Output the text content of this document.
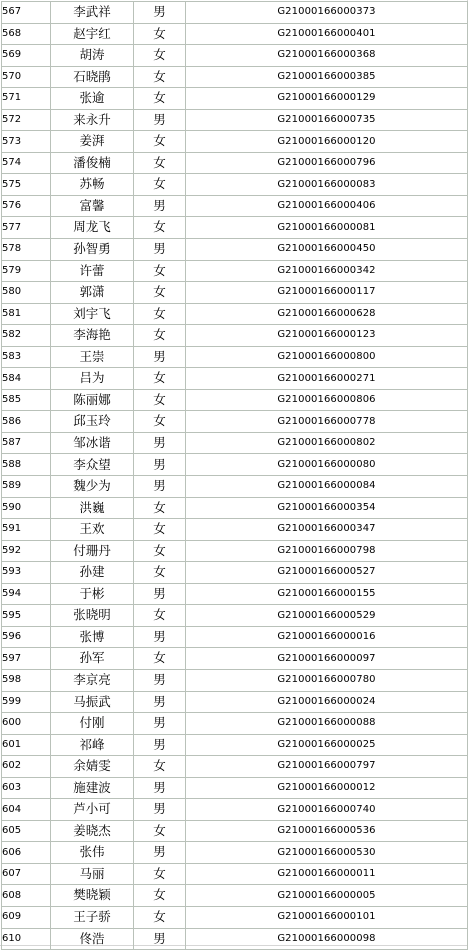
567	李武祥	男	G21000166000373
568	赵宇红	女	G21000166000401
569	胡涛	女	G21000166000368
570	石晓鹃	女	G21000166000385
571	张逾	女	G21000166000129
572	来永升	男	G21000166000735
573	姜湃	女	G21000166000120
574	潘俊楠	女	G21000166000796
575	苏畅	女	G21000166000083
576	富馨	男	G21000166000406
577	周龙飞	女	G21000166000081
578	孙智勇	男	G21000166000450
579	许蕾	女	G21000166000342
580	郭潇	女	G21000166000117
581	刘宇飞	女	G21000166000628
582	李海艳	女	G21000166000123
583	王崇	男	G21000166000800
584	吕为	女	G21000166000271
585	陈丽娜	女	G21000166000806
586	邱玉玲	女	G21000166000778
587	邹冰谐	男	G21000166000802
588	李众望	男	G21000166000080
589	魏少为	男	G21000166000084
590	洪巍	女	G21000166000354
591	王欢	女	G21000166000347
592	付珊丹	女	G21000166000798
593	孙建	女	G21000166000527
594	于彬	男	G21000166000155
595	张晓明	女	G21000166000529
596	张博	男	G21000166000016
597	孙军	女	G21000166000097
598	李京亮	男	G21000166000780
599	马振武	男	G21000166000024
600	付刚	男	G21000166000088
601	祁峰	男	G21000166000025
602	余婧雯	女	G21000166000797
603	施建波	男	G21000166000012
604	芦小可	男	G21000166000740
605	姜晓杰	女	G21000166000536
606	张伟	男	G21000166000530
607	马丽	女	G21000166000011
608	樊晓颖	女	G21000166000005
609	王子骄	女	G21000166000101
610	佟浩	男	G21000166000098
